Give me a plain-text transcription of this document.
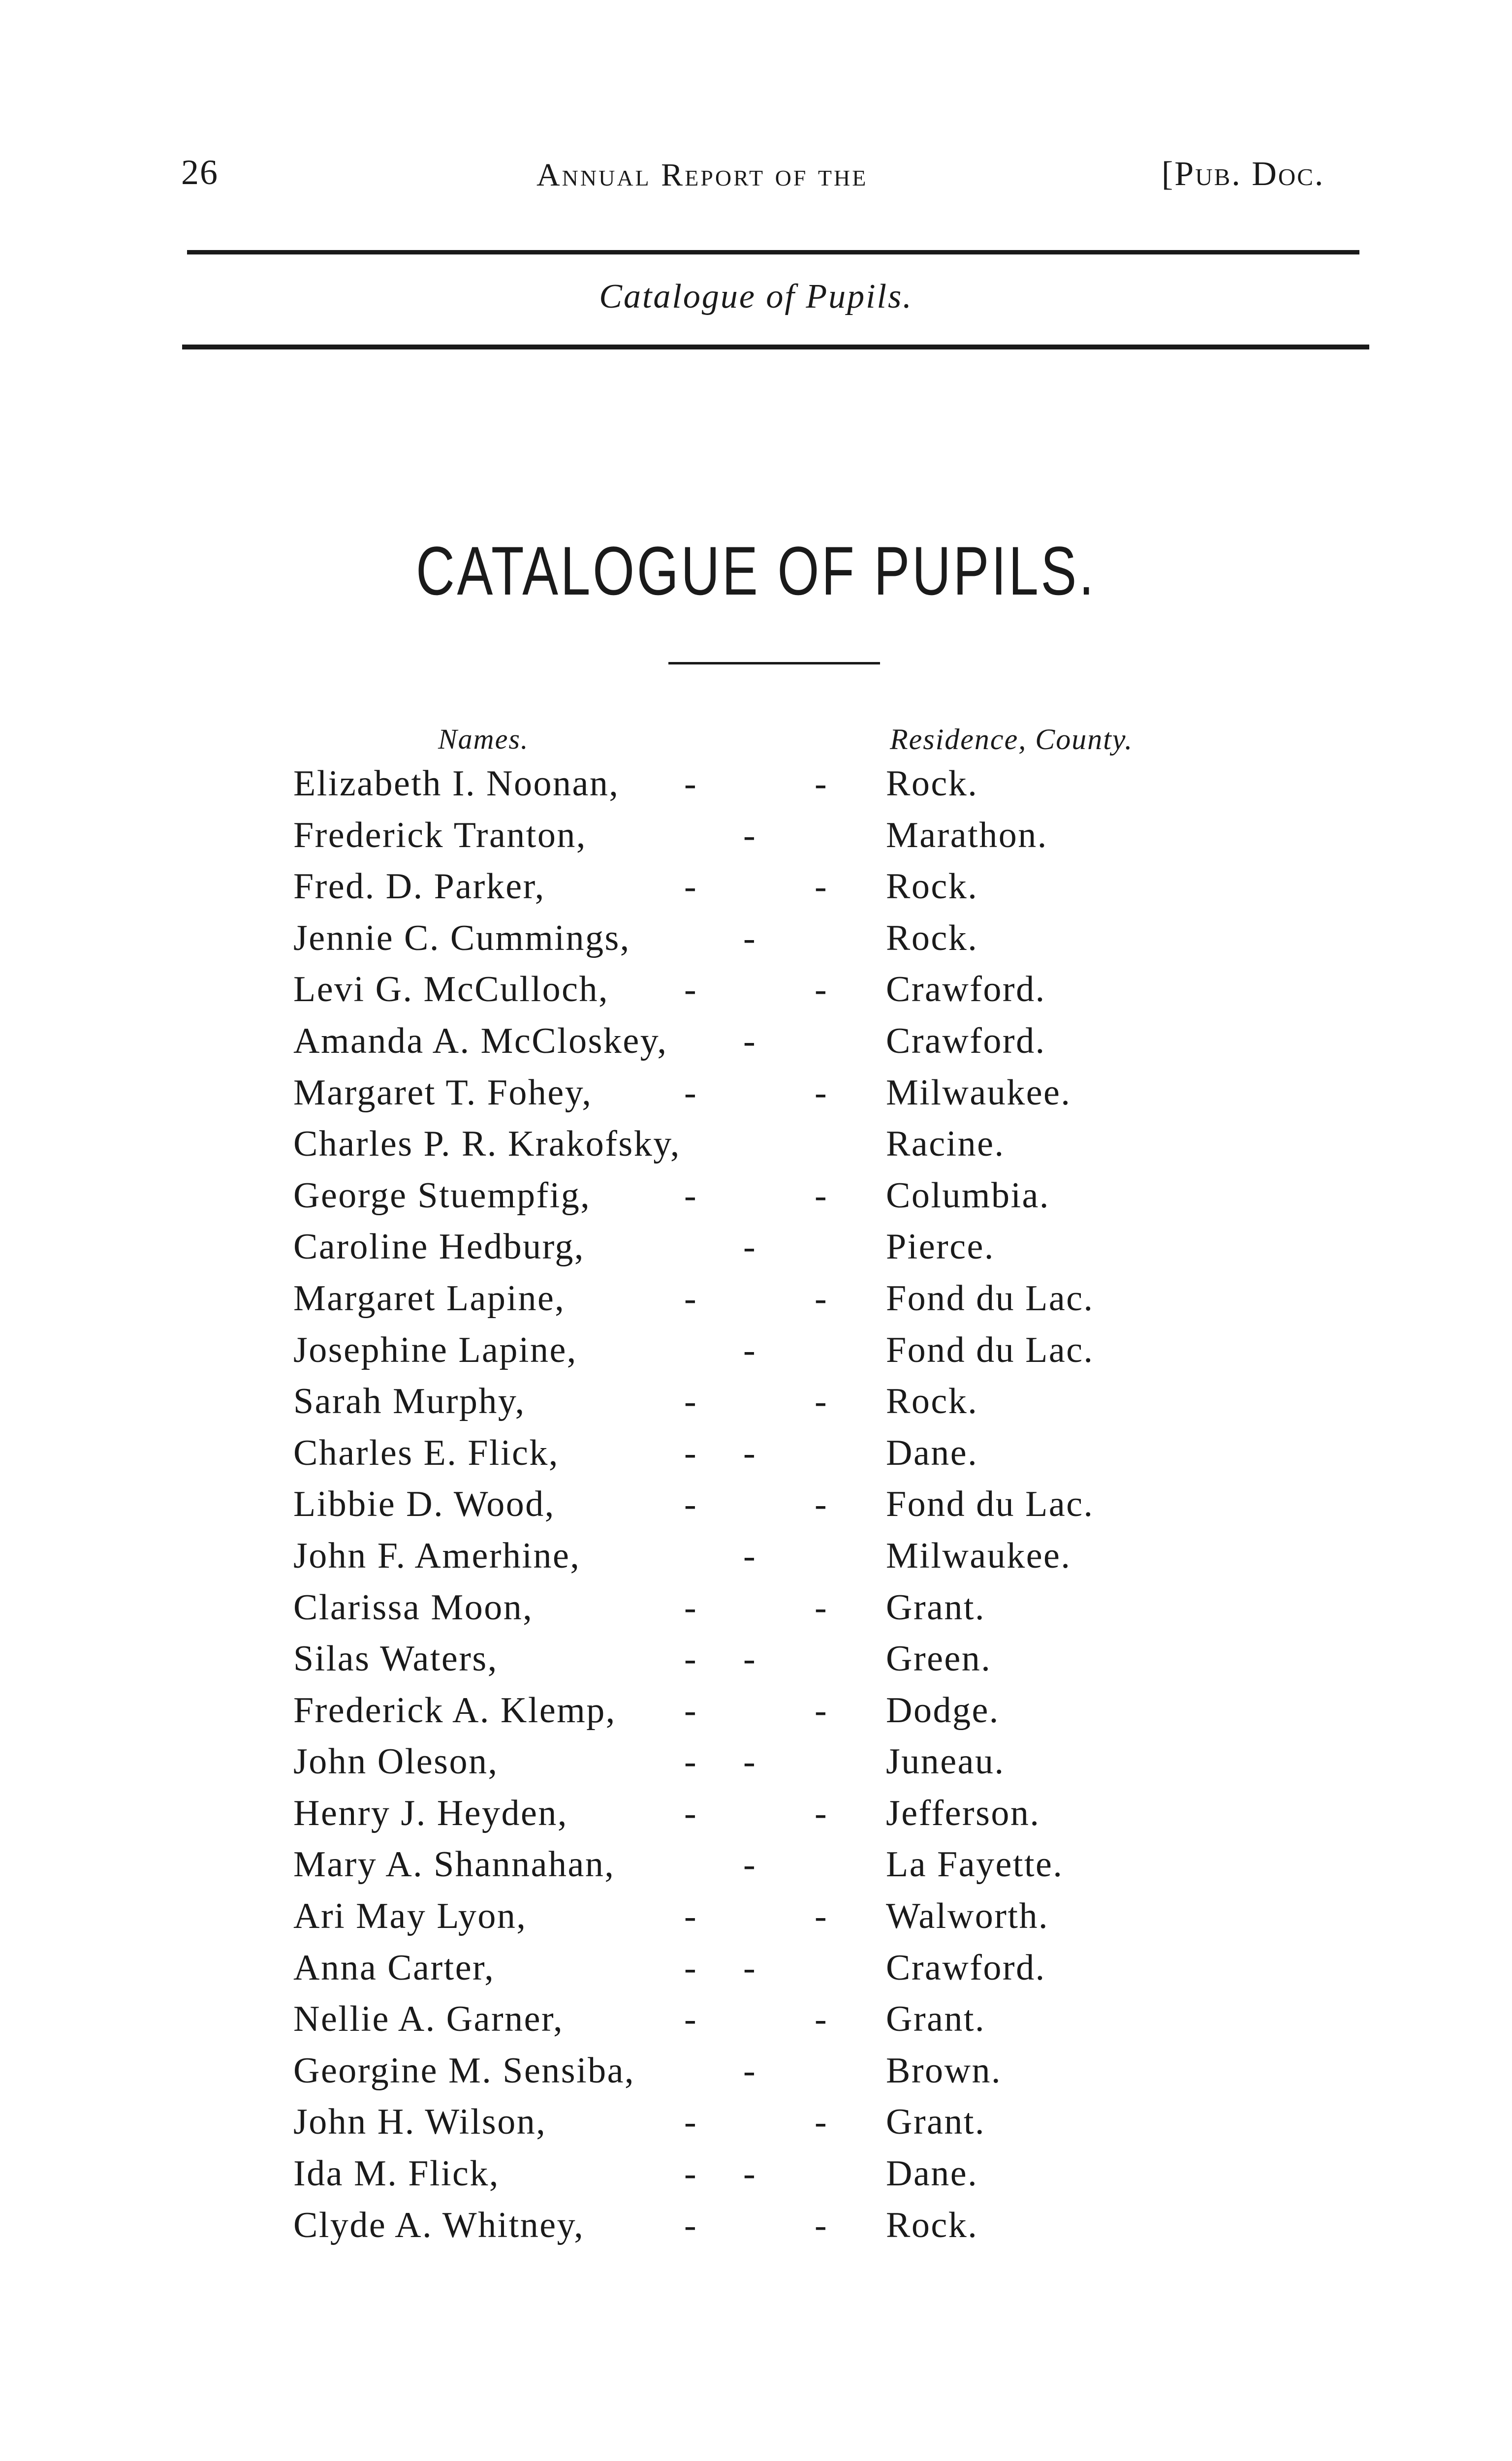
26	Annual Report of the	[Pub. Doc.
Catalogue of Pupils.
CATALOGUE OF PUPILS.
Names.	Residence, County.
Elizabeth I. Noonan, -	- Rock.
Frederick Tranton,	-	Marathon.
Fred. D. Parker,	-	- Rock.
Jennie C. Cummings,	-	Rock.
Levi G. McCulloch, -	- Crawford.
Amanda A. McCloskey, -	Crawford.
Margaret T. Fohey,	-	- Milwaukee.
Charles P. R. Krakofsky,	Racine.
George Stuempfig,	-	- Columbia.
Caroline Hedburg,	-	Pierce.
Margaret Lapine,	-	- Fond du Lac.
Josephine Lapine,	-	Fond du Lac.
Sarah Murphy,	-	- Rock.
Charles E. Flick,	- -	Dane.
Libbie D. Wood,	-	- Fond du Lac.
John F. Amerhine,	-	Milwaukee.
Clarissa Moon,	-	- Grant.
Silas Waters,	- -	Green.
Frederick A. Klemp, -	- Dodge.
John Oleson,	- -	Juneau.
Henry J. Heyden,	-	- Jefferson.
Mary A. Shannahan,	-	La Fayette.
Ari May Lyon,	-	- Walworth.
Anna Carter,	- -	Crawford.
Nellie A. Garner,	-	- Grant.
Georgine M. Sensiba,	-	Brown.
John H. Wilson,	-	- Grant.
Ida M. Flick,	- -	Dane.
Clyde A. Whitney,	-	- Rock.
